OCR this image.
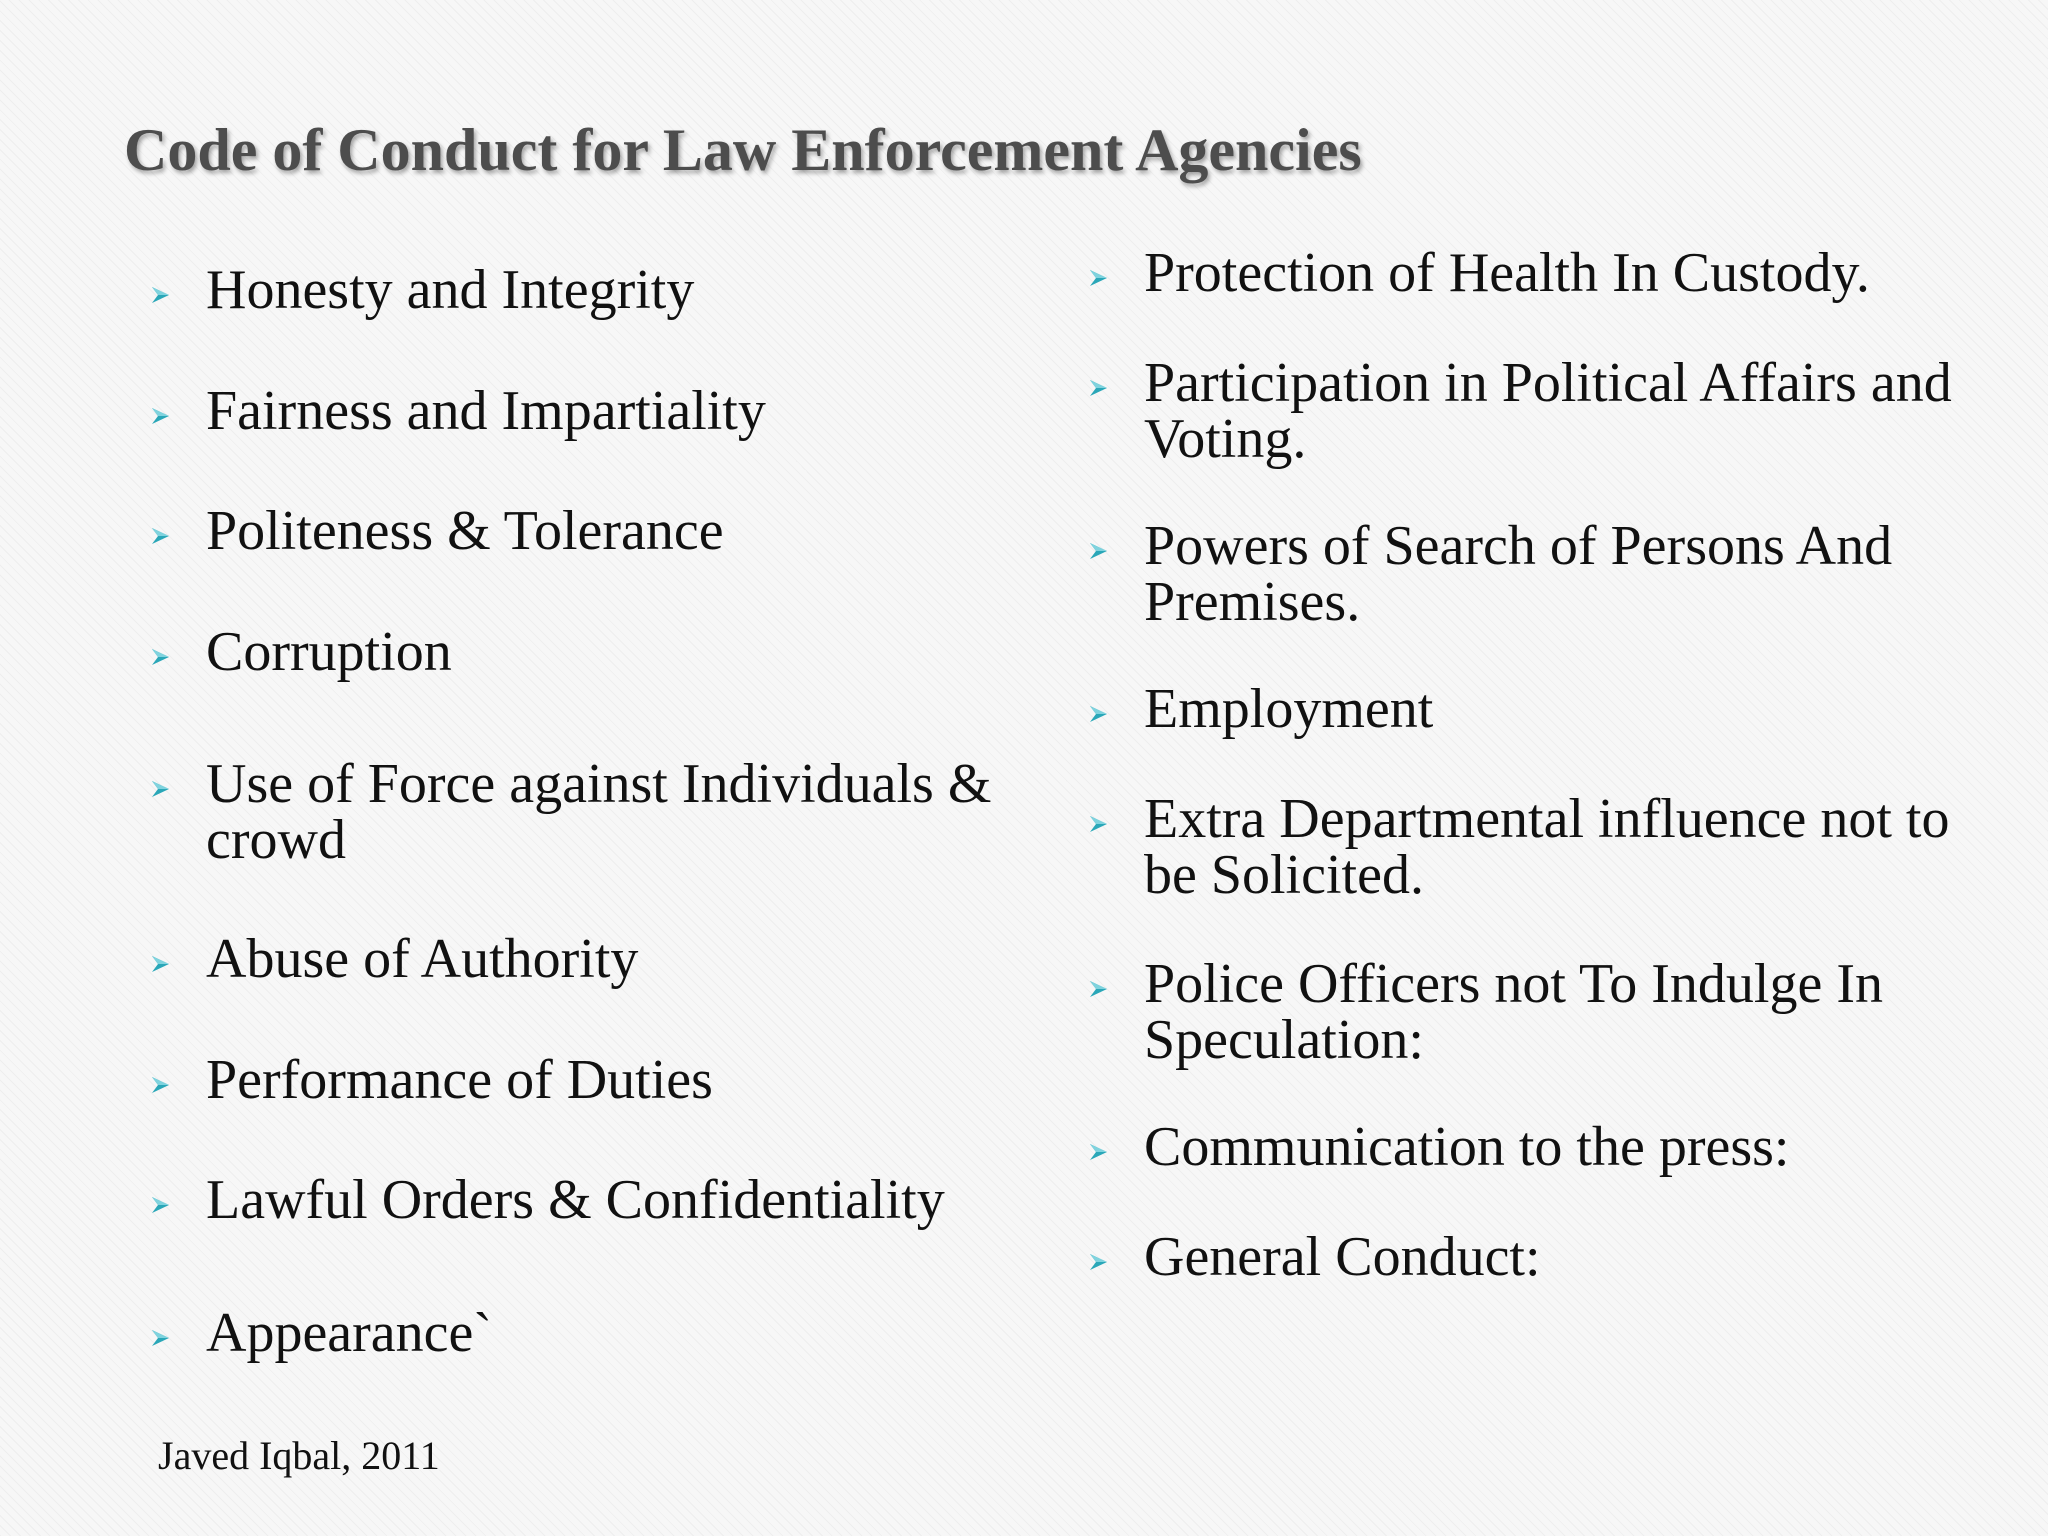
Code of Conduct for Law Enforcement Agencies
Honesty and Integrity
Fairness and Impartiality
Politeness & Tolerance
Corruption
Use of Force against Individuals & crowd
Abuse of Authority
Performance of Duties
Lawful Orders & Confidentiality
Appearance`
Protection of Health In Custody.
Participation in Political Affairs and Voting.
Powers of Search of Persons And Premises.
Employment
Extra Departmental influence not to be Solicited.
Police Officers not To Indulge In Speculation:
Communication to the press:
General Conduct:
Javed Iqbal, 2011
